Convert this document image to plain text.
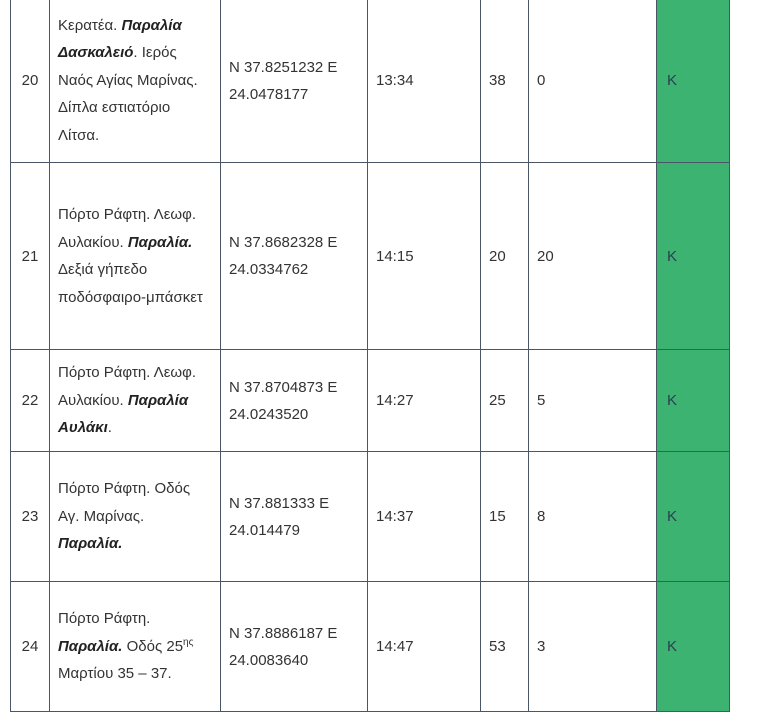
20	Κερατέα. Παραλία Δασκαλειό. Ιερός Ναός Αγίας Μαρίνας. Δίπλα εστιατόριο Λίτσα.	N 37.8251232 E 24.0478177	13:34	38	0	K
21	Πόρτο Ράφτη. Λεωφ. Αυλακίου. Παραλία. Δεξιά γήπεδο ποδόσφαιρο-μπάσκετ	N 37.8682328 E 24.0334762	14:15	20	20	K
22	Πόρτο Ράφτη. Λεωφ. Αυλακίου. Παραλία Αυλάκι.	N 37.8704873 E 24.0243520	14:27	25	5	K
23	Πόρτο Ράφτη. Οδός Αγ. Μαρίνας. Παραλία.	N 37.881333 E 24.014479	14:37	15	8	K
24	Πόρτο Ράφτη. Παραλία. Οδός $25^{\eta\varsigma}$ Μαρτίου 35 – 37.	N 37.8886187 E 24.0083640	14:47	53	3	K
